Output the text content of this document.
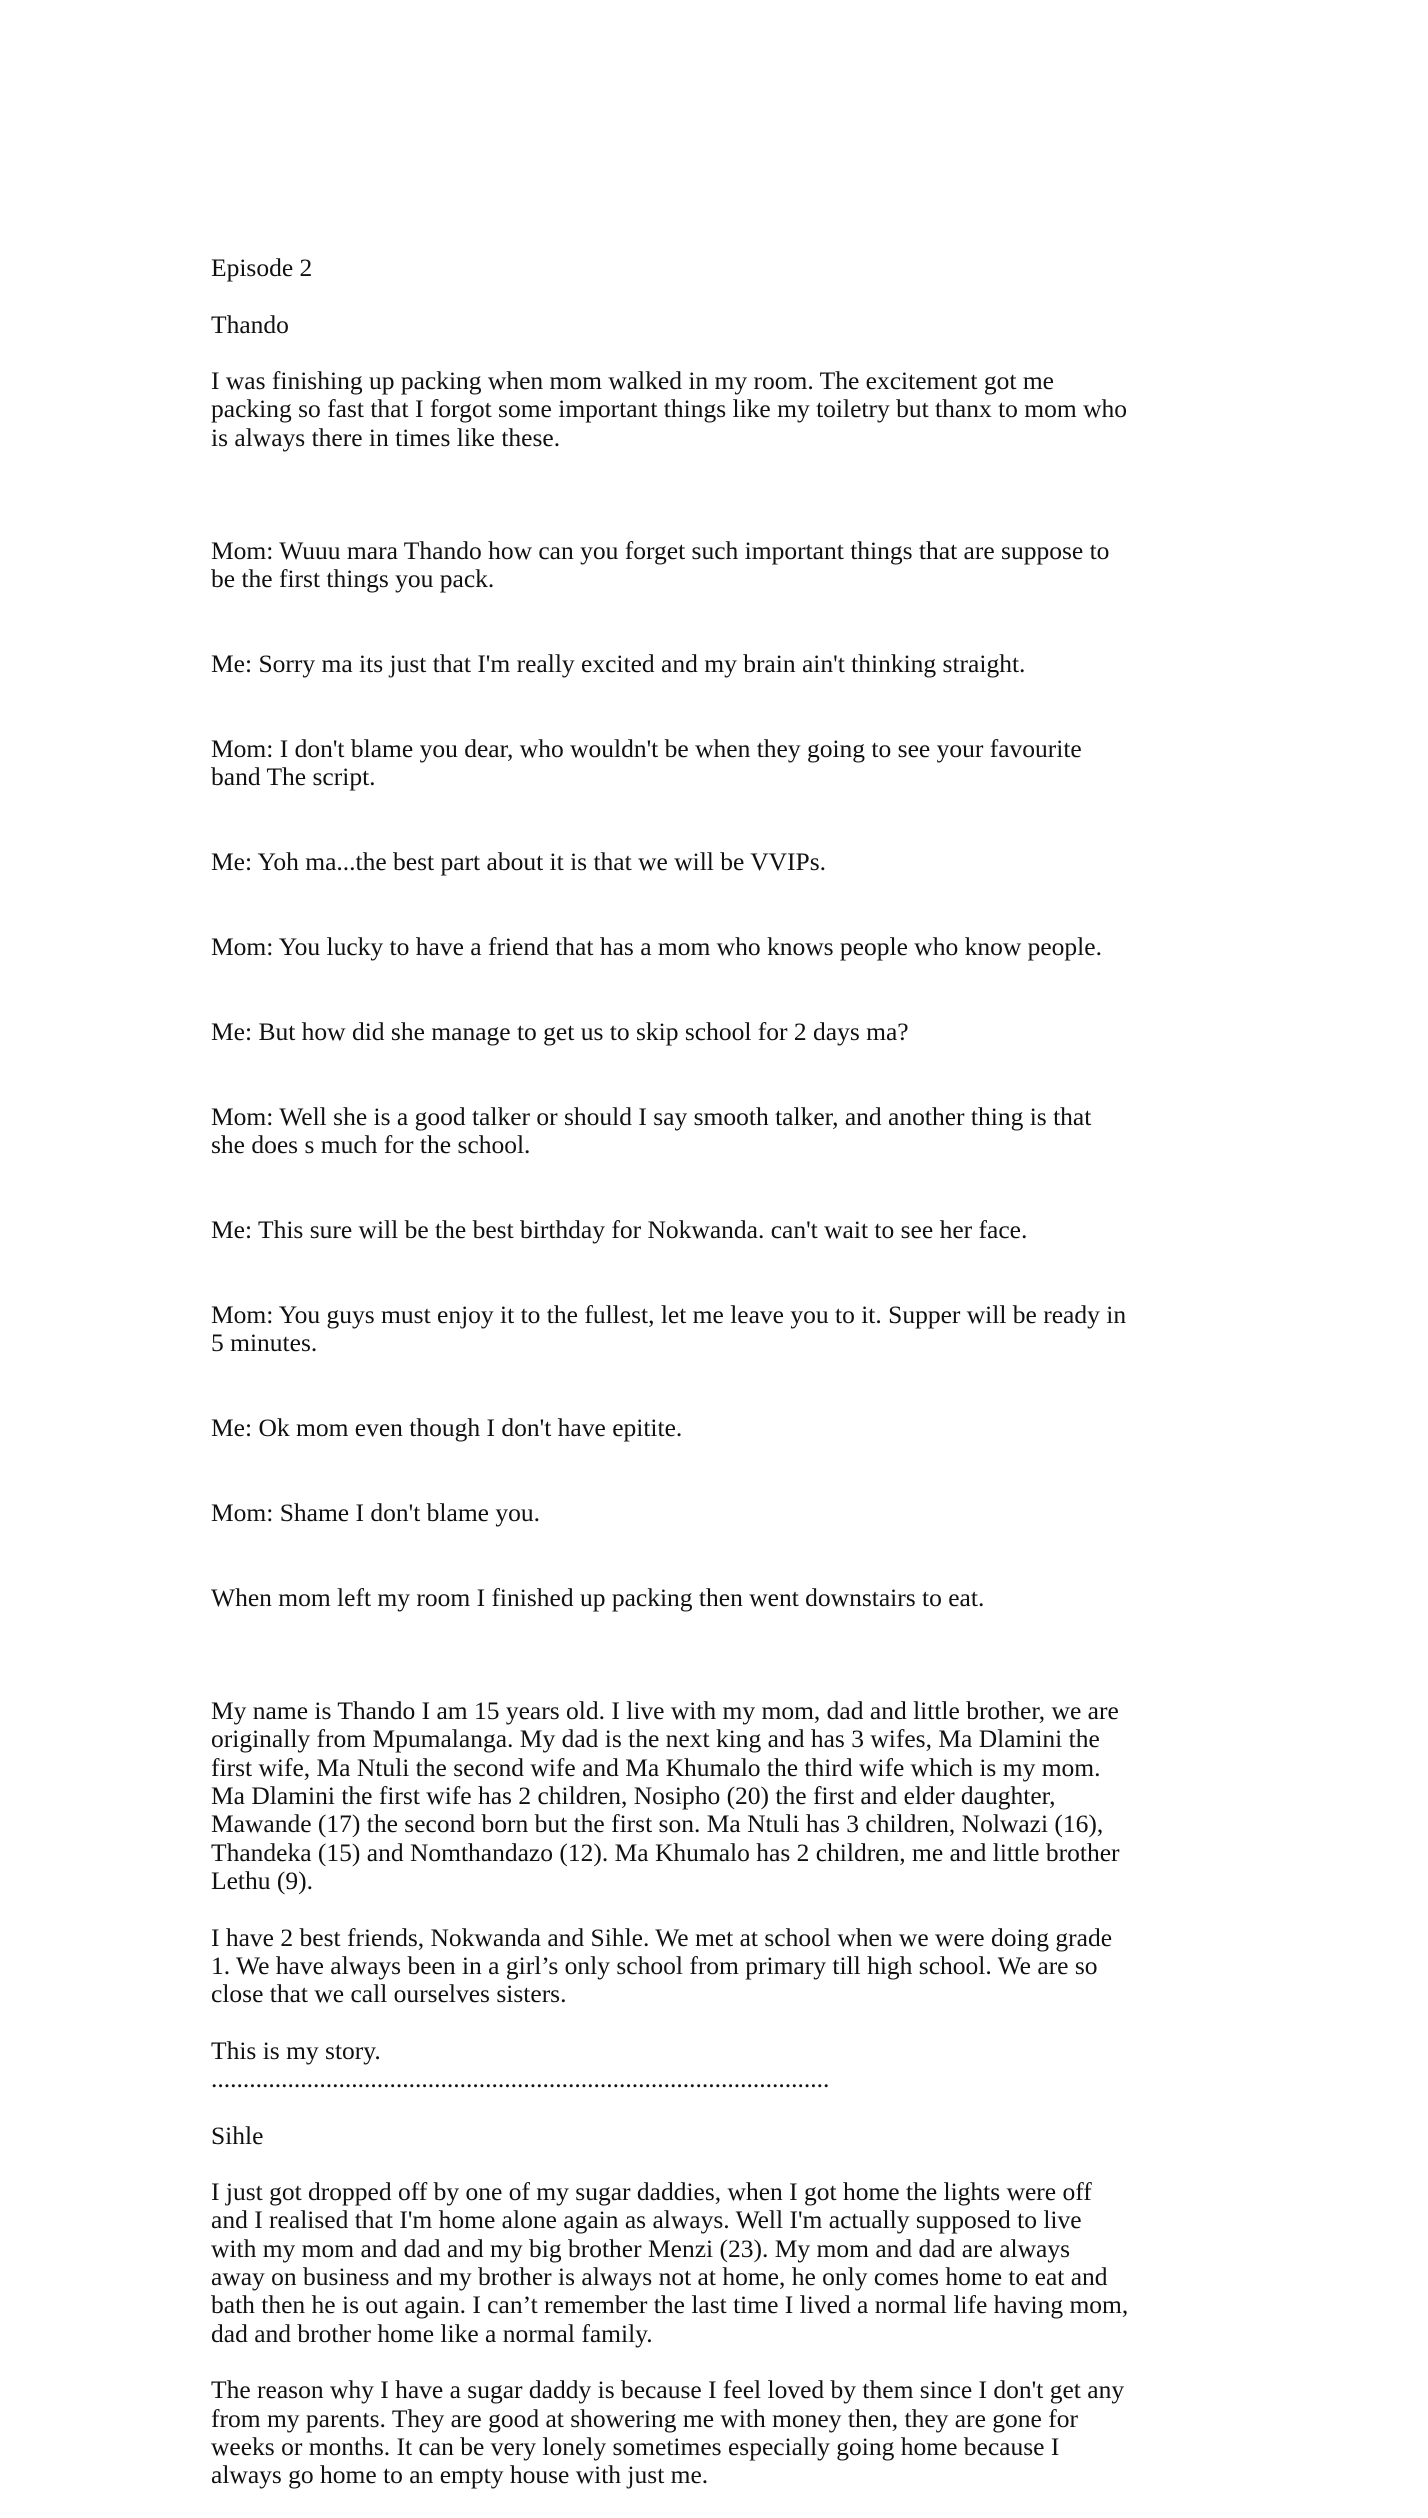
Episode 2
Thando
I was finishing up packing when mom walked in my room. The excitement got me
packing so fast that I forgot some important things like my toiletry but thanx to mom who
is always there in times like these.

Mom: Wuuu mara Thando how can you forget such important things that are suppose to
be the first things you pack.

Me: Sorry ma its just that I'm really excited and my brain ain't thinking straight.

Mom: I don't blame you dear, who wouldn't be when they going to see your favourite
band The script.

Me: Yoh ma...the best part about it is that we will be VVIPs.

Mom: You lucky to have a friend that has a mom who knows people who know people.

Me: But how did she manage to get us to skip school for 2 days ma?

Mom: Well she is a good talker or should I say smooth talker, and another thing is that
she does s much for the school.

Me: This sure will be the best birthday for Nokwanda. can't wait to see her face.

Mom: You guys must enjoy it to the fullest, let me leave you to it. Supper will be ready in
5 minutes.

Me: Ok mom even though I don't have epitite.

Mom: Shame I don't blame you.

When mom left my room I finished up packing then went downstairs to eat.

My name is Thando I am 15 years old. I live with my mom, dad and little brother, we are
originally from Mpumalanga. My dad is the next king and has 3 wifes, Ma Dlamini the
first wife, Ma Ntuli the second wife and Ma Khumalo the third wife which is my mom.
Ma Dlamini the first wife has 2 children, Nosipho (20) the first and elder daughter,
Mawande (17) the second born but the first son. Ma Ntuli has 3 children, Nolwazi (16),
Thandeka (15) and Nomthandazo (12). Ma Khumalo has 2 children, me and little brother
Lethu (9).
I have 2 best friends, Nokwanda and Sihle. We met at school when we were doing grade
1. We have always been in a girl’s only school from primary till high school. We are so
close that we call ourselves sisters.
This is my story.
.................................................................................................
Sihle
I just got dropped off by one of my sugar daddies, when I got home the lights were off
and I realised that I'm home alone again as always. Well I'm actually supposed to live
with my mom and dad and my big brother Menzi (23). My mom and dad are always
away on business and my brother is always not at home, he only comes home to eat and
bath then he is out again. I can’t remember the last time I lived a normal life having mom,
dad and brother home like a normal family.
The reason why I have a sugar daddy is because I feel loved by them since I don't get any
from my parents. They are good at showering me with money then, they are gone for
weeks or months. It can be very lonely sometimes especially going home because I
always go home to an empty house with just me.
